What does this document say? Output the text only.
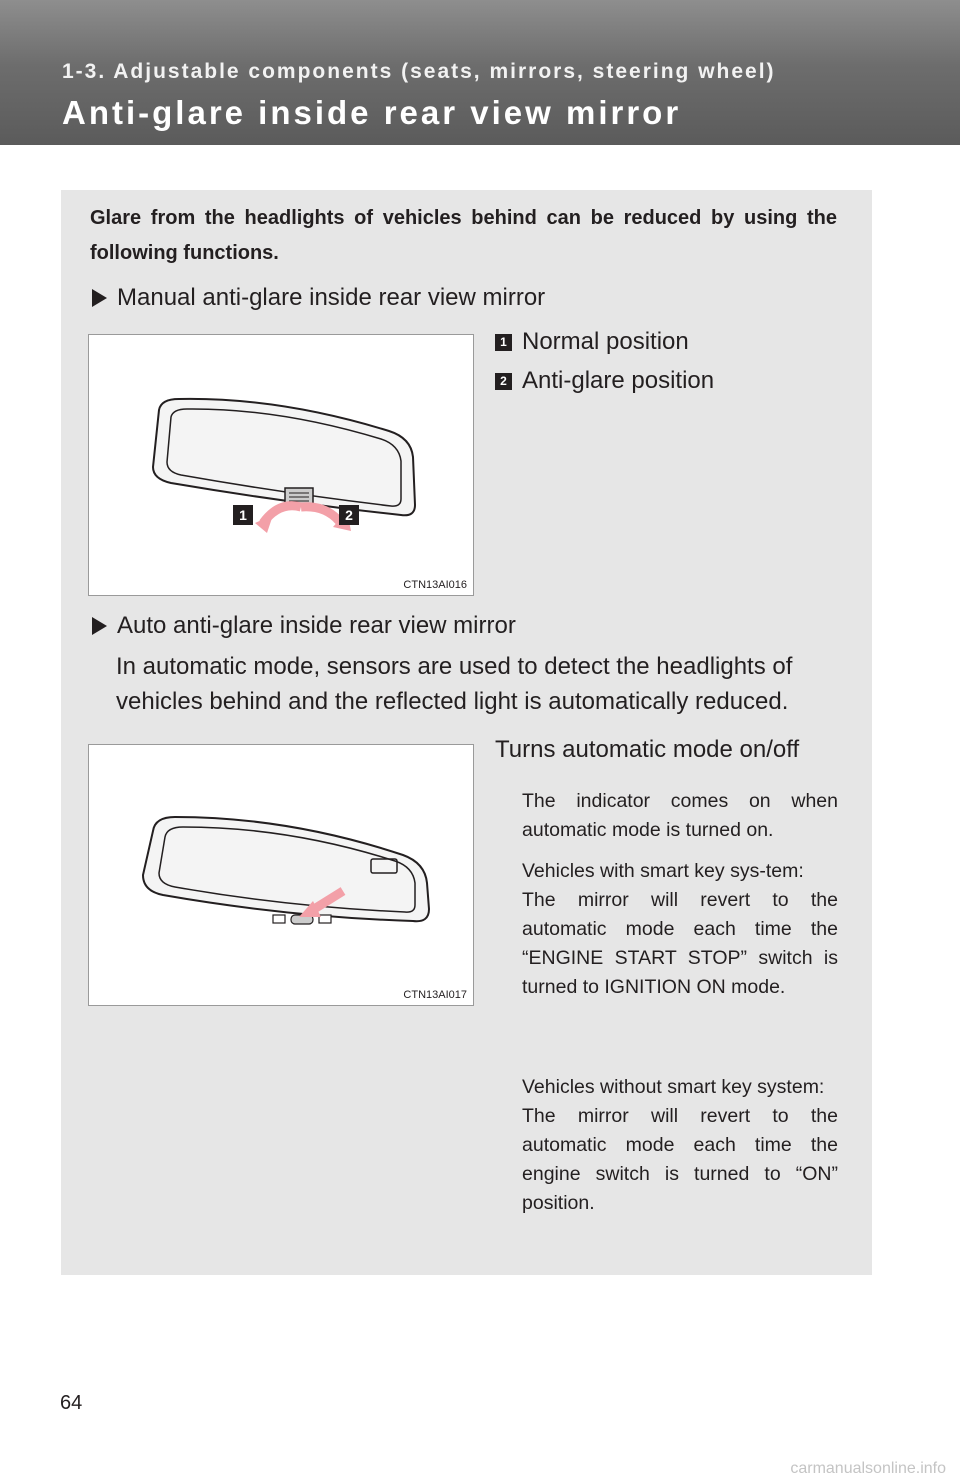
1-3. Adjustable components (seats, mirrors, steering wheel)
Anti-glare inside rear view mirror
Glare from the headlights of vehicles behind can be reduced by using the following functions.
Manual anti-glare inside rear view mirror
1	2
CTN13AI016
1 Normal position
2 Anti-glare position
Auto anti-glare inside rear view mirror
In automatic mode, sensors are used to detect the headlights of vehicles behind and the reflected light is automatically reduced.
CTN13AI017
Turns automatic mode on/off

The indicator comes on when automatic mode is turned on.

Vehicles with smart key sys-tem:

The mirror will revert to the automatic mode each time the “ENGINE START STOP” switch is turned to IGNITION ON mode.

Vehicles without smart key system:

The mirror will revert to the automatic mode each time the engine switch is turned to “ON” position.

64
carmanualsonline.info
